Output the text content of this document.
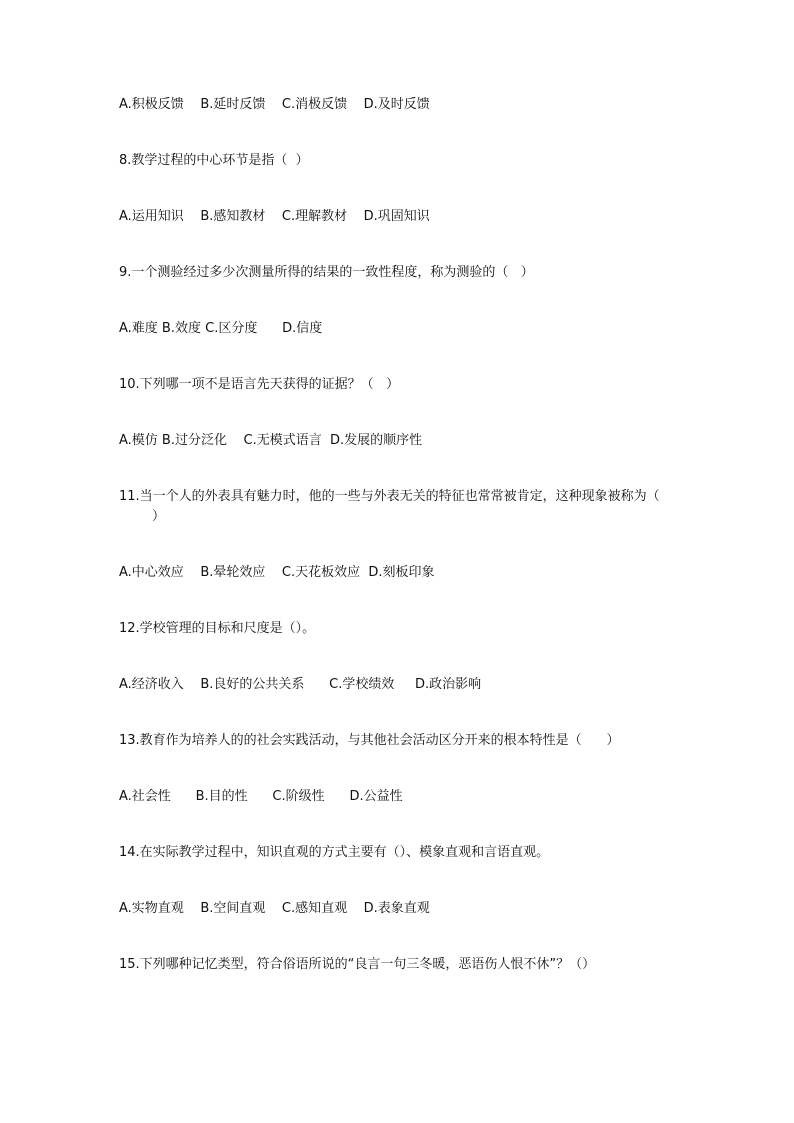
A.积极反馈    B.延时反馈    C.消极反馈    D.及时反馈
8.教学过程的中心环节是指（  ）
A.运用知识    B.感知教材    C.理解教材    D.巩固知识
9.一个测验经过多少次测量所得的结果的一致性程度，称为测验的（   ）
A.难度 B.效度 C.区分度      D.信度
10.下列哪一项不是语言先天获得的证据？（   ）
A.模仿 B.过分泛化    C.无模式语言  D.发展的顺序性
11.当一个人的外表具有魅力时，他的一些与外表无关的特征也常常被肯定，这种现象被称为（
）
A.中心效应    B.晕轮效应    C.天花板效应  D.刻板印象
12.学校管理的目标和尺度是（）。
A.经济收入    B.良好的公共关系      C.学校绩效     D.政治影响
13.教育作为培养人的的社会实践活动，与其他社会活动区分开来的根本特性是（      ）
A.社会性      B.目的性      C.阶级性      D.公益性
14.在实际教学过程中，知识直观的方式主要有（）、模象直观和言语直观。
A.实物直观    B.空间直观    C.感知直观    D.表象直观
15.下列哪种记忆类型，符合俗语所说的“良言一句三冬暖，恶语伤人恨不休”？（）
